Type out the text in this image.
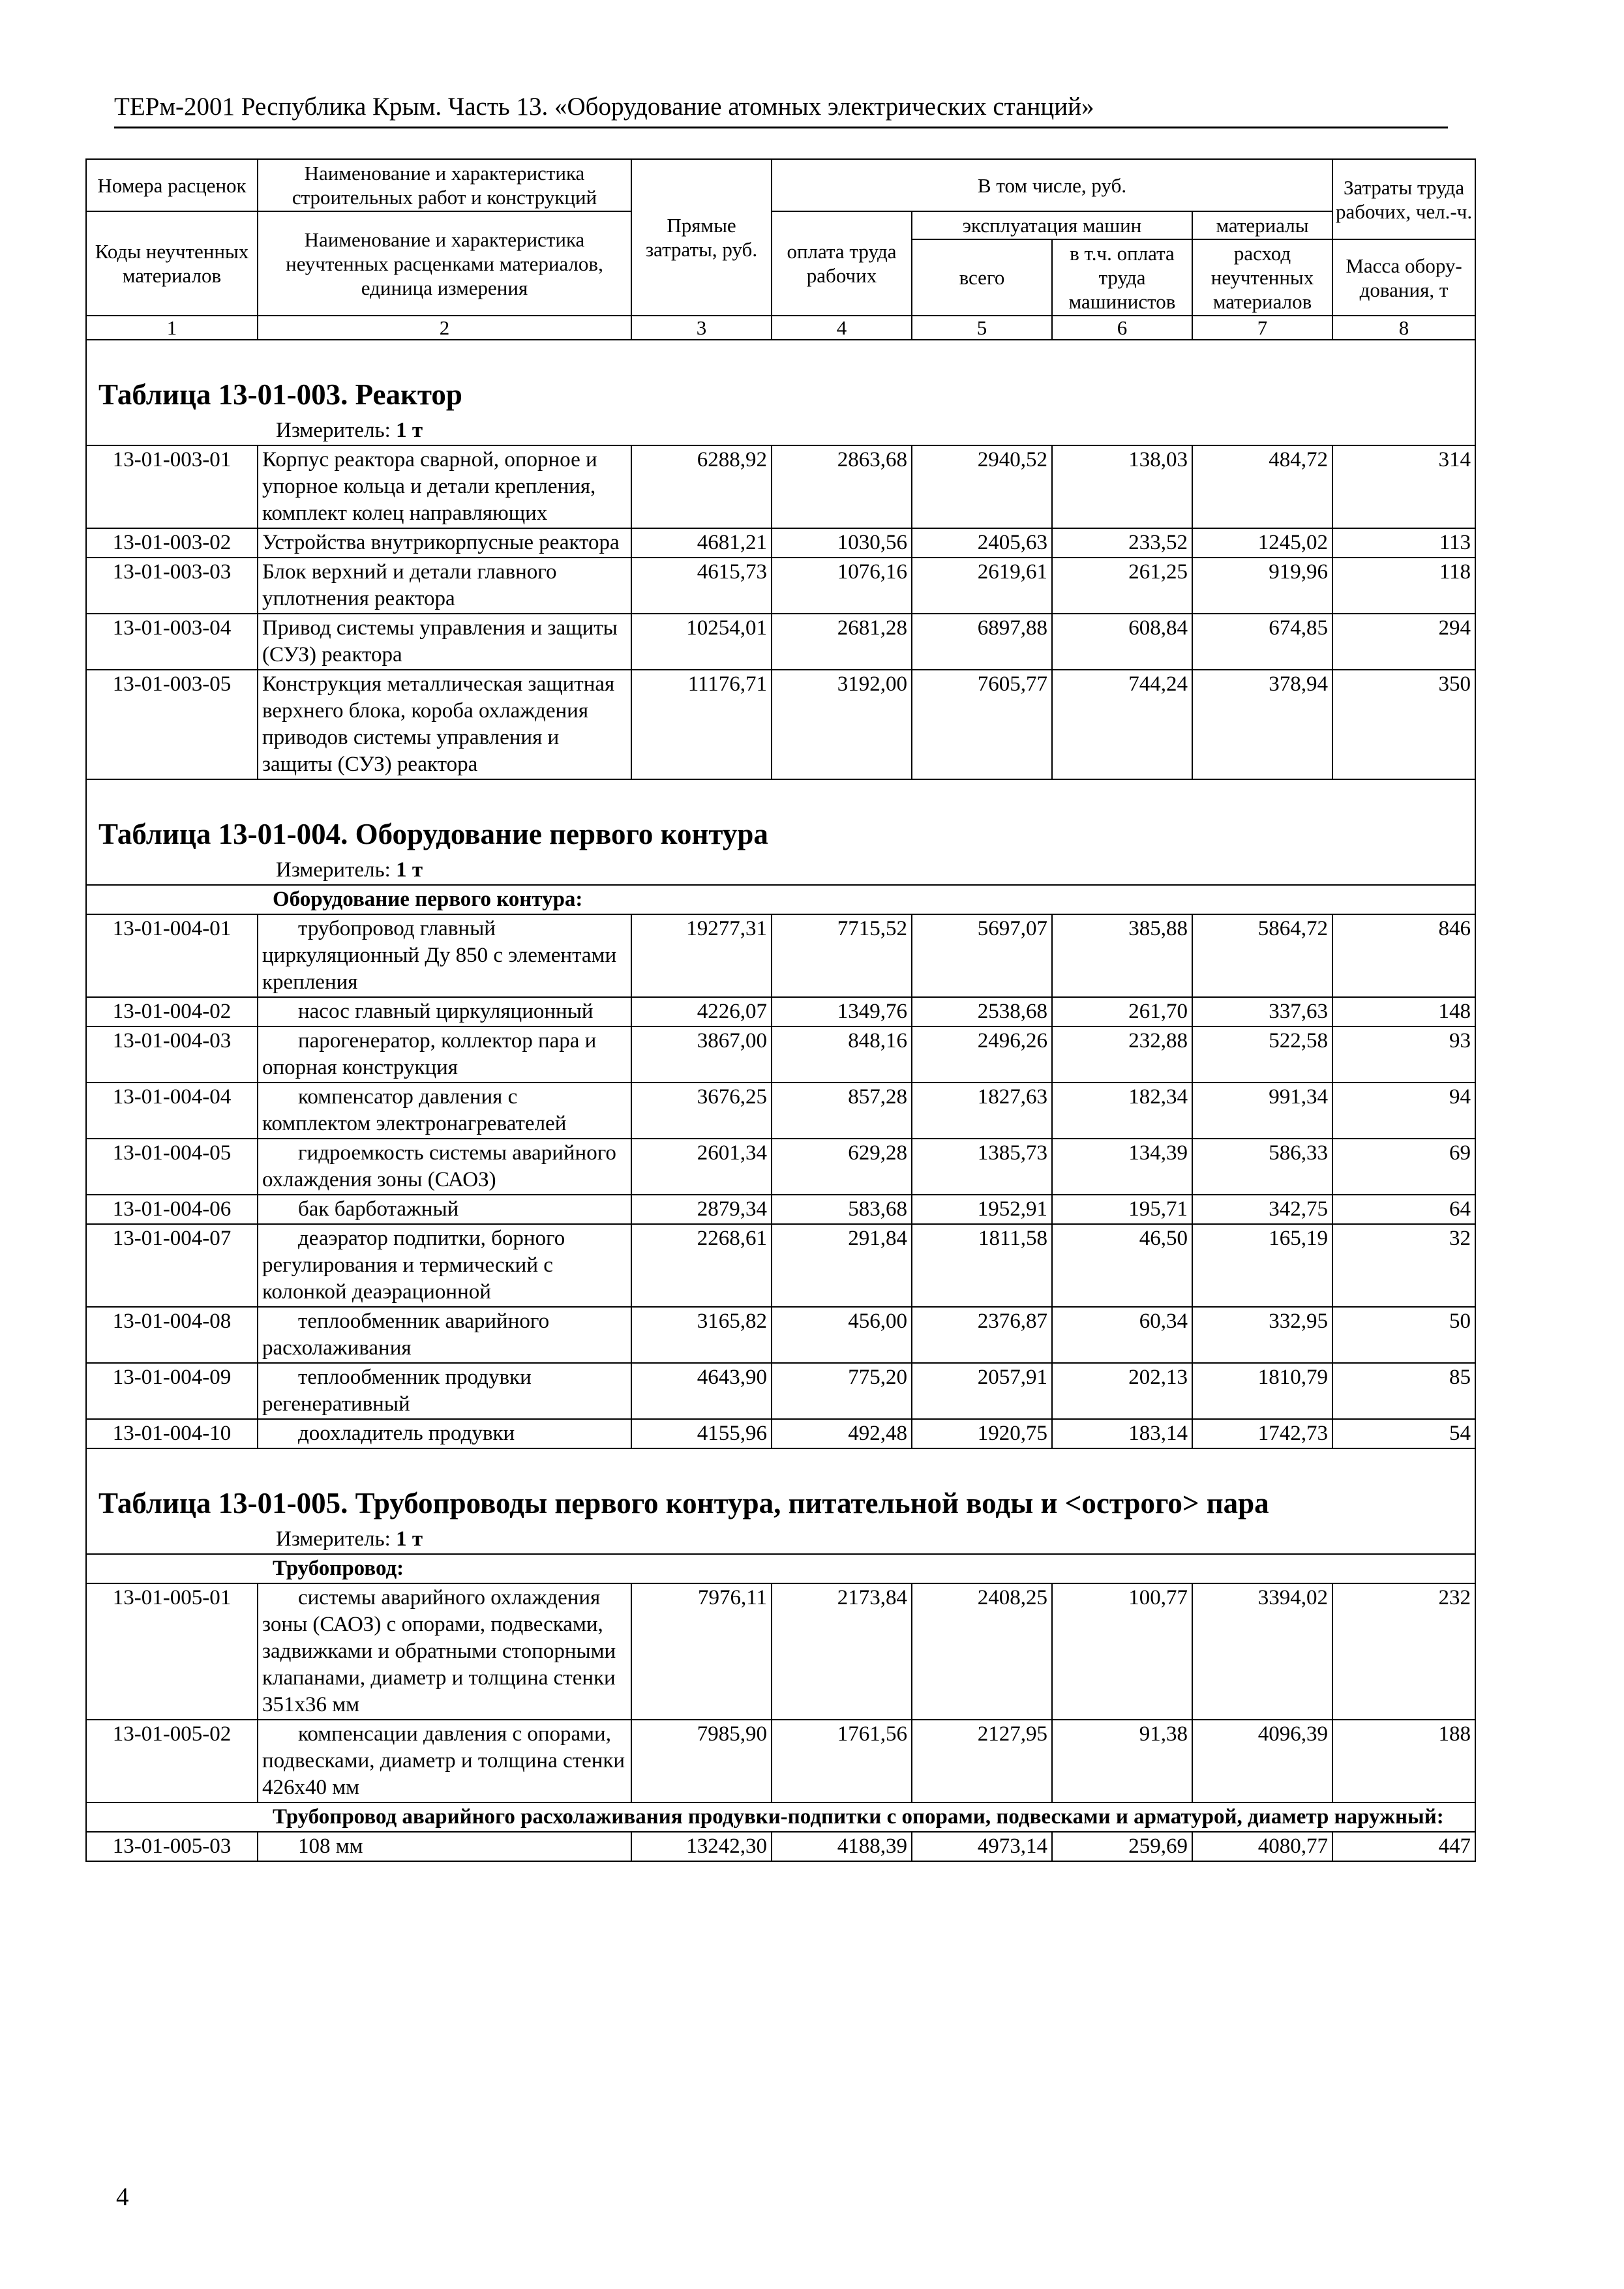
ТЕРм-2001 Республика Крым. Часть 13. «Оборудование атомных электрических станций»
Номера расценок	Наименование и характеристика строительных работ и конструкций	Прямые затраты, руб.	В том числе, руб.				Затраты труда рабочих, чел.-ч.
Коды неучтенных материалов	Наименование и характеристика неучтенных расценками материалов, единица измерения		оплата труда рабочих	эксплуатация машин		материалы	
				всего	в т.ч. оплата труда машинистов	расход неучтенных материалов	Масса обору-дования, т
1	2	3	4	5	6	7	8

Таблица 13-01-003. Реактор							

Измеритель: 1 т							

13-01-003-01	Корпус реактора сварной, опорное и упорное кольца и детали крепления, комплект колец направляющих	6288,92	2863,68	2940,52	138,03	484,72	314
13-01-003-02	Устройства внутрикорпусные реактора	4681,21	1030,56	2405,63	233,52	1245,02	113
13-01-003-03	Блок верхний и детали главного уплотнения реактора	4615,73	1076,16	2619,61	261,25	919,96	118
13-01-003-04	Привод системы управления и защиты (СУЗ) реактора	10254,01	2681,28	6897,88	608,84	674,85	294
13-01-003-05	Конструкция металлическая защитная верхнего блока, короба охлаждения приводов системы управления и защиты (СУЗ) реактора	11176,71	3192,00	7605,77	744,24	378,94	350

Таблица 13-01-004. Оборудование первого контура							

Измеритель: 1 т							

Оборудование первого контура:							
13-01-004-01	трубопровод главный циркуляционный Ду 850 с элементами крепления	19277,31	7715,52	5697,07	385,88	5864,72	846
13-01-004-02	насос главный циркуляционный	4226,07	1349,76	2538,68	261,70	337,63	148
13-01-004-03	парогенератор, коллектор пара и опорная конструкция	3867,00	848,16	2496,26	232,88	522,58	93
13-01-004-04	компенсатор давления с комплектом электронагревателей	3676,25	857,28	1827,63	182,34	991,34	94
13-01-004-05	гидроемкость системы аварийного охлаждения зоны (САОЗ)	2601,34	629,28	1385,73	134,39	586,33	69
13-01-004-06	бак барботажный	2879,34	583,68	1952,91	195,71	342,75	64
13-01-004-07	деаэратор подпитки, борного регулирования и термический с колонкой деаэрационной	2268,61	291,84	1811,58	46,50	165,19	32
13-01-004-08	теплообменник аварийного расхолаживания	3165,82	456,00	2376,87	60,34	332,95	50
13-01-004-09	теплообменник продувки регенеративный	4643,90	775,20	2057,91	202,13	1810,79	85
13-01-004-10	доохладитель продувки	4155,96	492,48	1920,75	183,14	1742,73	54

Таблица 13-01-005. Трубопроводы первого контура, питательной воды и <острого> пара							

Измеритель: 1 т							

Трубопровод:							
13-01-005-01	системы аварийного охлаждения зоны (САОЗ) с опорами, подвесками, задвижками и обратными стопорными клапанами, диаметр и толщина стенки 351х36 мм	7976,11	2173,84	2408,25	100,77	3394,02	232
13-01-005-02	компенсации давления с опорами, подвесками, диаметр и толщина стенки 426х40 мм	7985,90	1761,56	2127,95	91,38	4096,39	188
Трубопровод аварийного расхолаживания продувки-подпитки с опорами, подвесками и арматурой, диаметр наружный:							
13-01-005-03	108 мм	13242,30	4188,39	4973,14	259,69	4080,77	447
4
